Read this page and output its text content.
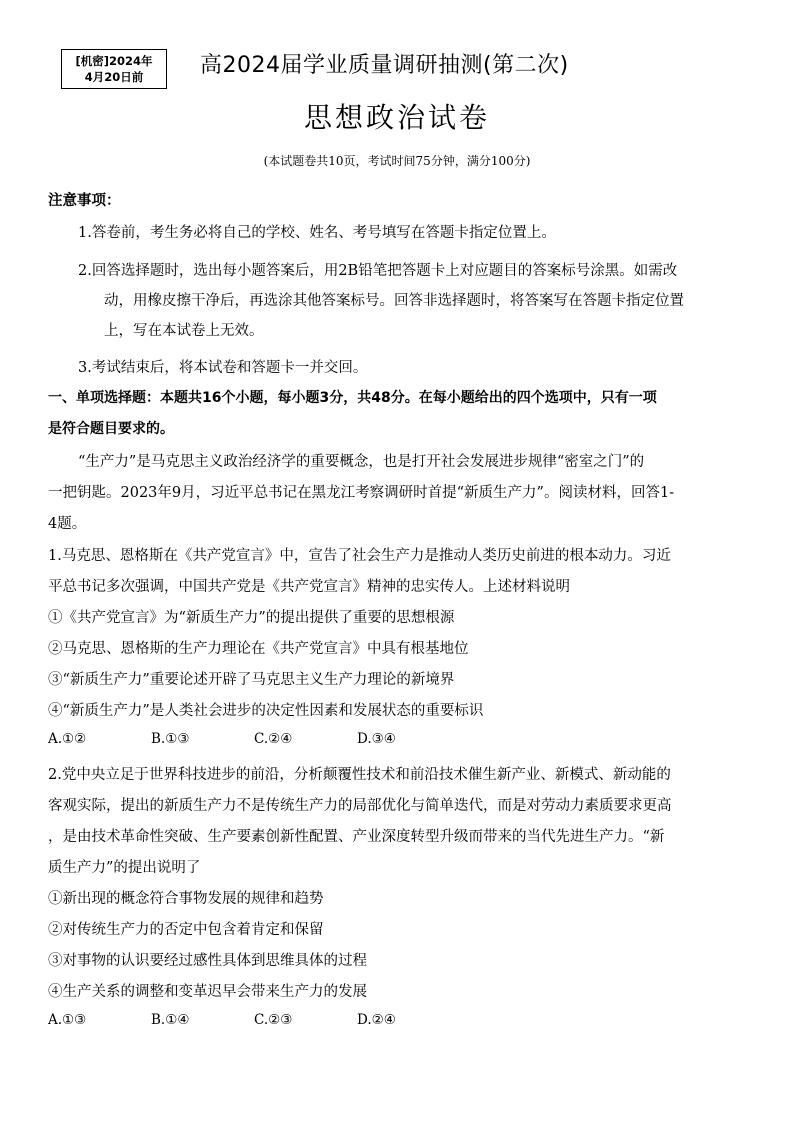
[机密]2024年
4月20日前	高2024届学业质量调研抽测(第二次)
思想政治试卷
(本试题卷共10页，考试时间75分钟，满分100分)
注意事项：
1.答卷前，考生务必将自己的学校、姓名、考号填写在答题卡指定位置上。
2.回答选择题时，选出每小题答案后，用2B铅笔把答题卡上对应题目的答案标号涂黑。如需改
动，用橡皮擦干净后，再选涂其他答案标号。回答非选择题时，将答案写在答题卡指定位置
上，写在本试卷上无效。
3.考试结束后，将本试卷和答题卡一并交回。
一、单项选择题：本题共16个小题，每小题3分，共48分。在每小题给出的四个选项中，只有一项
是符合题目要求的。
“生产力”是马克思主义政治经济学的重要概念，也是打开社会发展进步规律“密室之门”的
一把钥匙。2023年9月，习近平总书记在黑龙江考察调研时首提“新质生产力”。阅读材料，回答1-
4题。
1.马克思、恩格斯在《共产党宣言》中，宣告了社会生产力是推动人类历史前进的根本动力。习近
平总书记多次强调，中国共产党是《共产党宣言》精神的忠实传人。上述材料说明
①《共产党宣言》为“新质生产力”的提出提供了重要的思想根源
②马克思、恩格斯的生产力理论在《共产党宣言》中具有根基地位
③“新质生产力”重要论述开辟了马克思主义生产力理论的新境界
④“新质生产力”是人类社会进步的决定性因素和发展状态的重要标识
A.①②	B.①③	C.②④	D.③④
2.党中央立足于世界科技进步的前沿，分析颠覆性技术和前沿技术催生新产业、新模式、新动能的
客观实际，提出的新质生产力不是传统生产力的局部优化与简单迭代，而是对劳动力素质要求更高
，是由技术革命性突破、生产要素创新性配置、产业深度转型升级而带来的当代先进生产力。“新
质生产力”的提出说明了
①新出现的概念符合事物发展的规律和趋势
②对传统生产力的否定中包含着肯定和保留
③对事物的认识要经过感性具体到思维具体的过程
④生产关系的调整和变革迟早会带来生产力的发展
A.①③	B.①④	C.②③	D.②④
